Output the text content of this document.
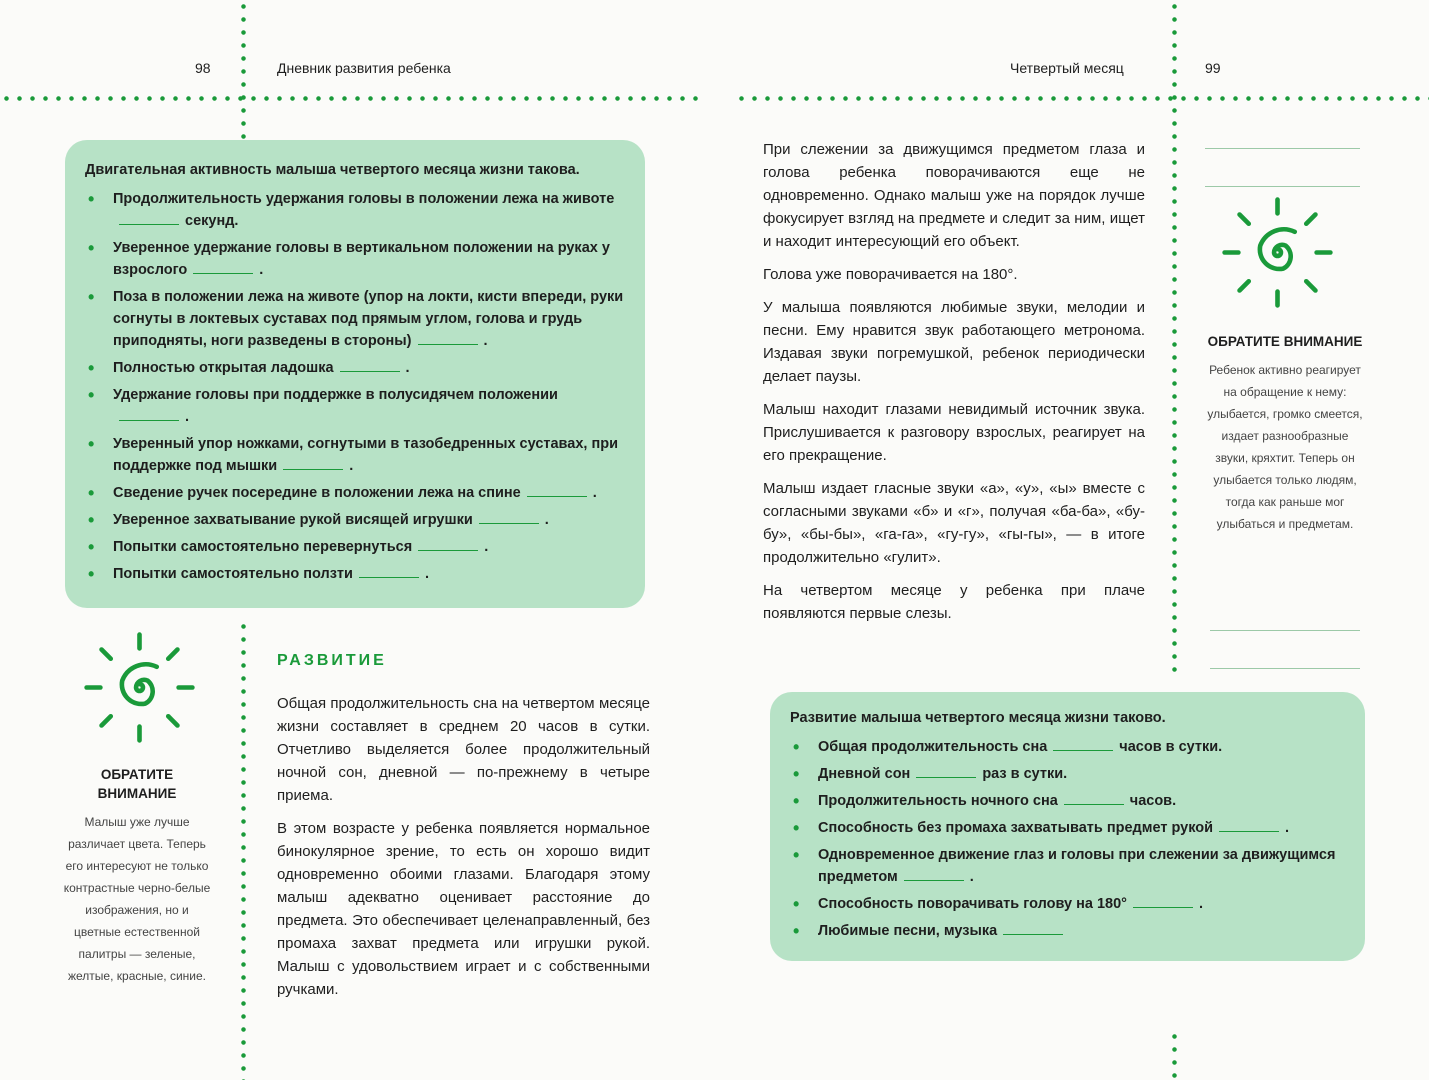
98	Дневник развития ребенка	Четвертый месяц	99
Двигательная активность малыша четвертого месяца жизни такова.
• Продолжительность удержания головы в положении лежа на животесекунд.
• Уверенное удержание головы в вертикальном положении на руках у взрослого	.
• Поза в положении лежа на животе (упор на локти, кисти впереди, руки согнуты в локтевых суставах под прямым углом, голова и грудь приподняты, ноги разведены в стороны)	.
• Полностью открытая ладошка	.
• Удержание головы при поддержке в полусидячем положении.
• Уверенный упор ножками, согнутыми в тазобедренных суставах, при поддержке под мышки	.
• Сведение ручек посередине в положении лежа на спине	.
• Уверенное захватывание рукой висящей игрушки	.
• Попытки самостоятельно перевернуться	.
• Попытки самостоятельно ползти	.
ОБРАТИТЕ ВНИМАНИЕ

Малыш уже лучше различает цвета. Теперь его интересуют не только контрастные черно-белые изображения, но и цветные естественной палитры — зеленые, желтые, красные, синие.

РАЗВИТИЕ

Общая продолжительность сна на четвертом месяце жизни составляет в среднем 20 часов в сутки. Отчетливо выделяется более продолжительный ночной сон, дневной — по-прежнему в четыре приема.

В этом возрасте у ребенка появляется нормальное бинокулярное зрение, то есть он хорошо видит одновременно обоими глазами. Благодаря этому малыш адекватно оценивает расстояние до предмета. Это обеспечивает целенаправленный, без промаха захват предмета или игрушки рукой. Малыш с удовольствием играет и с собственными ручками.

При слежении за движущимся предметом глаза и голова ребенка поворачиваются еще не одновременно. Однако малыш уже на порядок лучше фокусирует взгляд на предмете и следит за ним, ищет и находит интересующий его объект.

Голова уже поворачивается на 180°.

У малыша появляются любимые звуки, мелодии и песни. Ему нравится звук работающего метронома. Издавая звуки погремушкой, ребенок периодически делает паузы.

Малыш находит глазами невидимый источник звука. Прислушивается к разговору взрослых, реагирует на его прекращение.

Малыш издает гласные звуки «а», «у», «ы» вместе с согласными звуками «б» и «г», получая «ба-ба», «бу-бу», «бы-бы», «га-га», «гу-гу», «гы-гы», — в итоге продолжительно «гулит».

На четвертом месяце у ребенка при плаче появляются первые слезы.

ОБРАТИТЕ ВНИМАНИЕ

Ребенок активно реагирует на обращение к нему: улыбается, громко смеется, издает разнообразные звуки, кряхтит. Теперь он улыбается только людям, тогда как раньше мог улыбаться и предметам.

Развитие малыша четвертого месяца жизни таково.
• Общая продолжительность сна	часов в сутки.
• Дневной сон	раз в сутки.
• Продолжительность ночного сна	часов.
• Способность без промаха захватывать предмет рукой	.
• Одновременное движение глаз и головы при слежении за движущимся предметом	.
• Способность поворачивать голову на 180°	.
• Любимые песни, музыка
